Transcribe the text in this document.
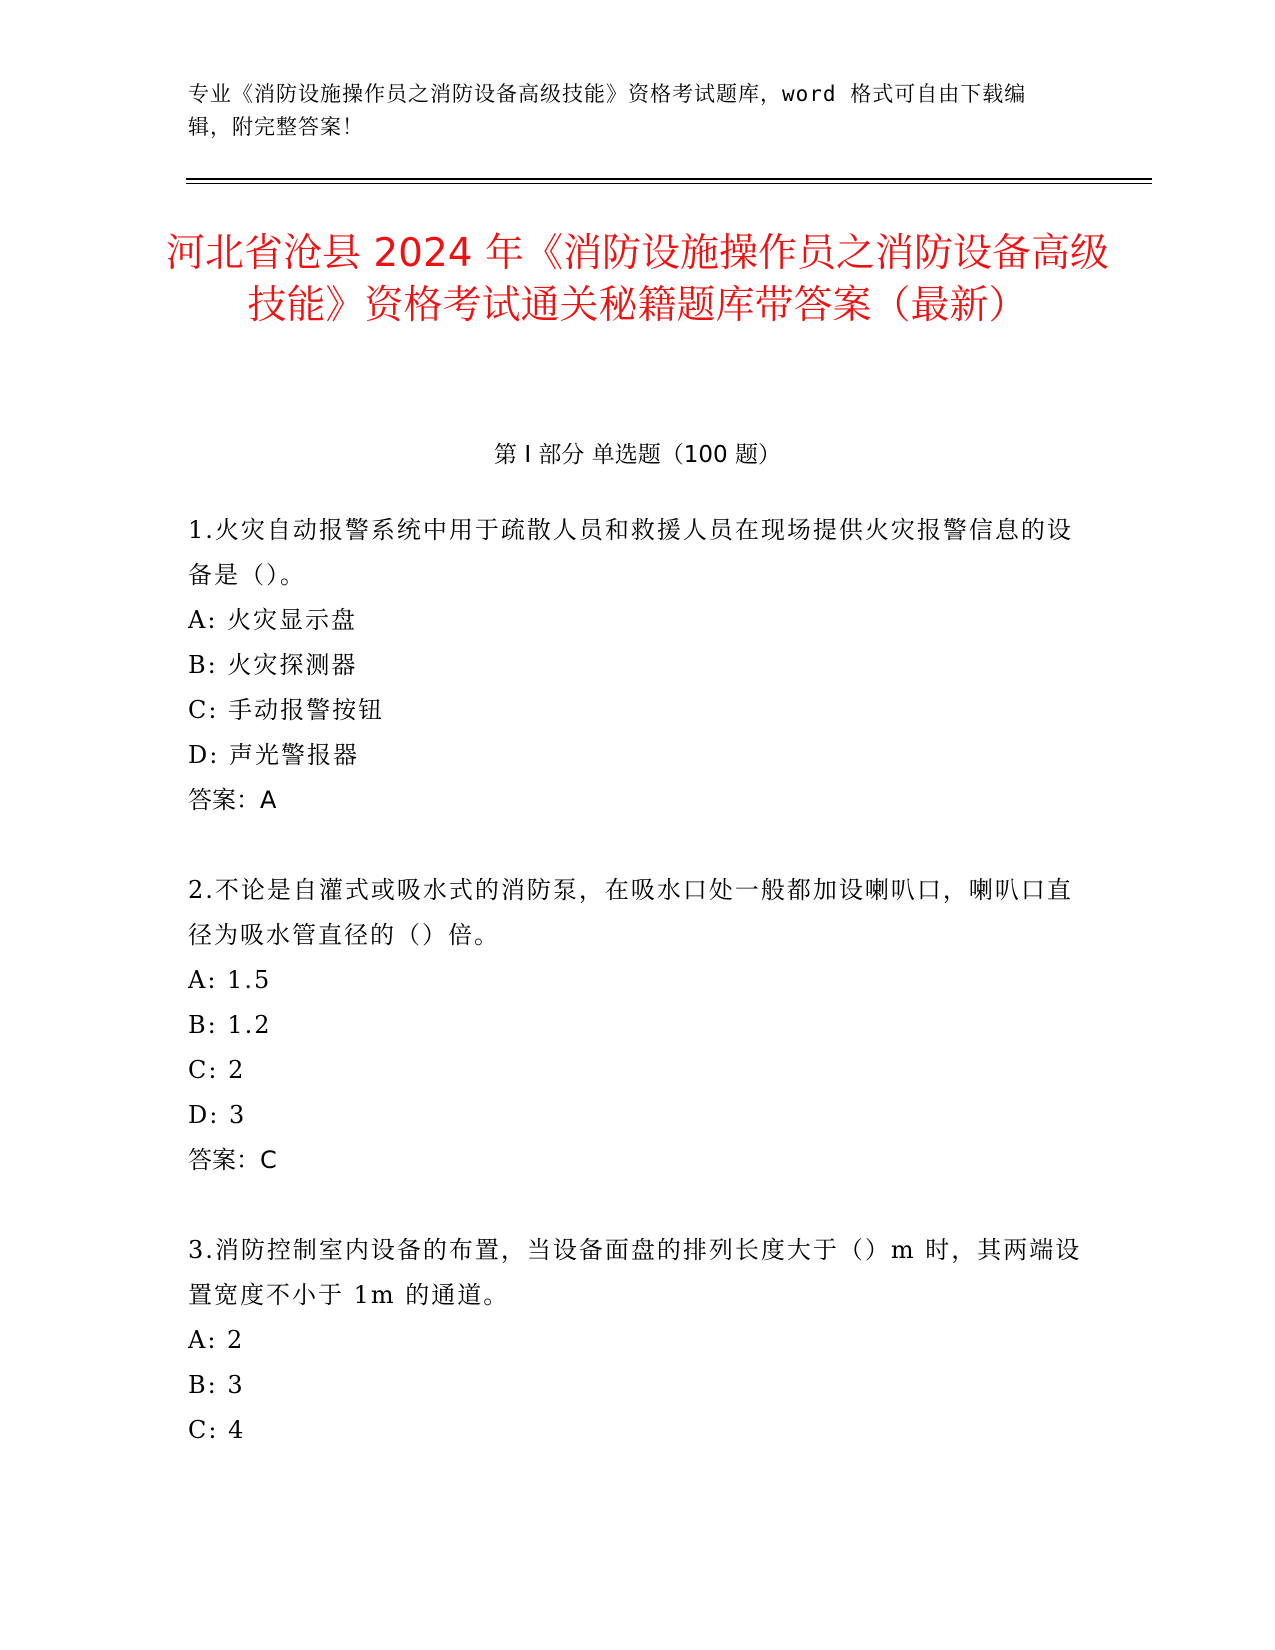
专业《消防设施操作员之消防设备高级技能》资格考试题库，word 格式可自由下载编辑，附完整答案！
河北省沧县 2024 年《消防设施操作员之消防设备高级技能》资格考试通关秘籍题库带答案（最新）
第 I 部分 单选题（100 题）
1.火灾自动报警系统中用于疏散人员和救援人员在现场提供火灾报警信息的设备是（）。
A: 火灾显示盘
B: 火灾探测器
C: 手动报警按钮
D: 声光警报器
答案：A
2.不论是自灌式或吸水式的消防泵，在吸水口处一般都加设喇叭口，喇叭口直径为吸水管直径的（）倍。
A: 1.5
B: 1.2
C: 2
D: 3
答案：C
3.消防控制室内设备的布置，当设备面盘的排列长度大于（）m 时，其两端设置宽度不小于 1m 的通道。
A: 2
B: 3
C: 4
